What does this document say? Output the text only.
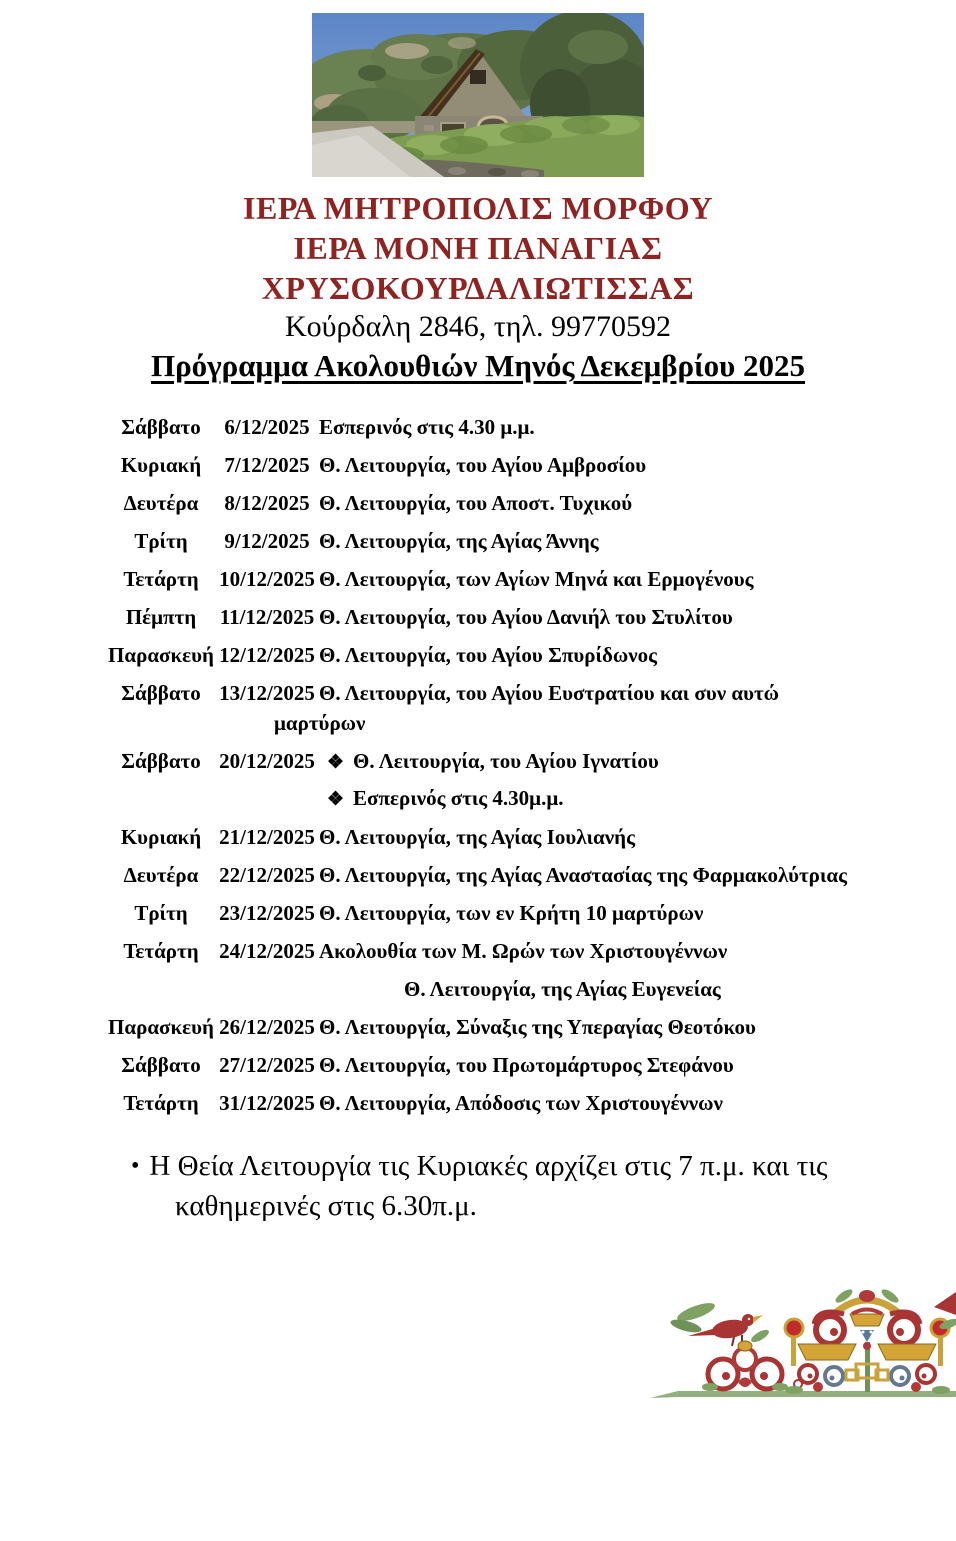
ΙΕΡΑ ΜΗΤΡΟΠΟΛΙΣ ΜΟΡΦΟΥ
ΙΕΡΑ ΜΟΝΗ ΠΑΝΑΓΙΑΣ
ΧΡΥΣΟΚΟΥΡΔΑΛΙΩΤΙΣΣΑΣ
Κούρδαλη 2846, τηλ. 99770592
Πρόγραμμα Ακολουθιών Μηνός Δεκεμβρίου 2025
Σάββατο	6/12/2025 Εσπερινός στις 4.30 μ.μ.
Κυριακή	7/12/2025 Θ. Λειτουργία, του Αγίου Αμβροσίου
Δευτέρα	8/12/2025 Θ. Λειτουργία, του Αποστ. Τυχικού
Τρίτη	9/12/2025 Θ. Λειτουργία, της Αγίας Άννης
Τετάρτη 10/12/2025 Θ. Λειτουργία, των Αγίων Μηνά και Ερμογένους
Πέμπτη	11/12/2025 Θ. Λειτουργία, του Αγίου Δανιήλ του Στυλίτου
Παρασκευή 12/12/2025 Θ. Λειτουργία, του Αγίου Σπυρίδωνος
Σάββατο 13/12/2025 Θ. Λειτουργία, του Αγίου Ευστρατίου και συν αυτώ
μαρτύρων
Σάββατο 20/12/2025 ❖ Θ. Λειτουργία, του Αγίου Ιγνατίου
❖ Εσπερινός στις 4.30μ.μ.
Κυριακή 21/12/2025 Θ. Λειτουργία, της Αγίας Ιουλιανής
Δευτέρα 22/12/2025 Θ. Λειτουργία, της Αγίας Αναστασίας της Φαρμακολύτριας
Τρίτη	23/12/2025 Θ. Λειτουργία, των εν Κρήτη 10 μαρτύρων
Τετάρτη 24/12/2025 Ακολουθία των Μ. Ωρών των Χριστουγέννων
Θ. Λειτουργία, της Αγίας Ευγενείας
Παρασκευή 26/12/2025 Θ. Λειτουργία, Σύναξις της Υπεραγίας Θεοτόκου
Σάββατο 27/12/2025 Θ. Λειτουργία, του Πρωτομάρτυρος Στεφάνου
Τετάρτη 31/12/2025 Θ. Λειτουργία, Απόδοσις των Χριστουγέννων
• Η Θεία Λειτουργία τις Κυριακές αρχίζει στις 7 π.μ. και τις
καθημερινές στις 6.30π.μ.
